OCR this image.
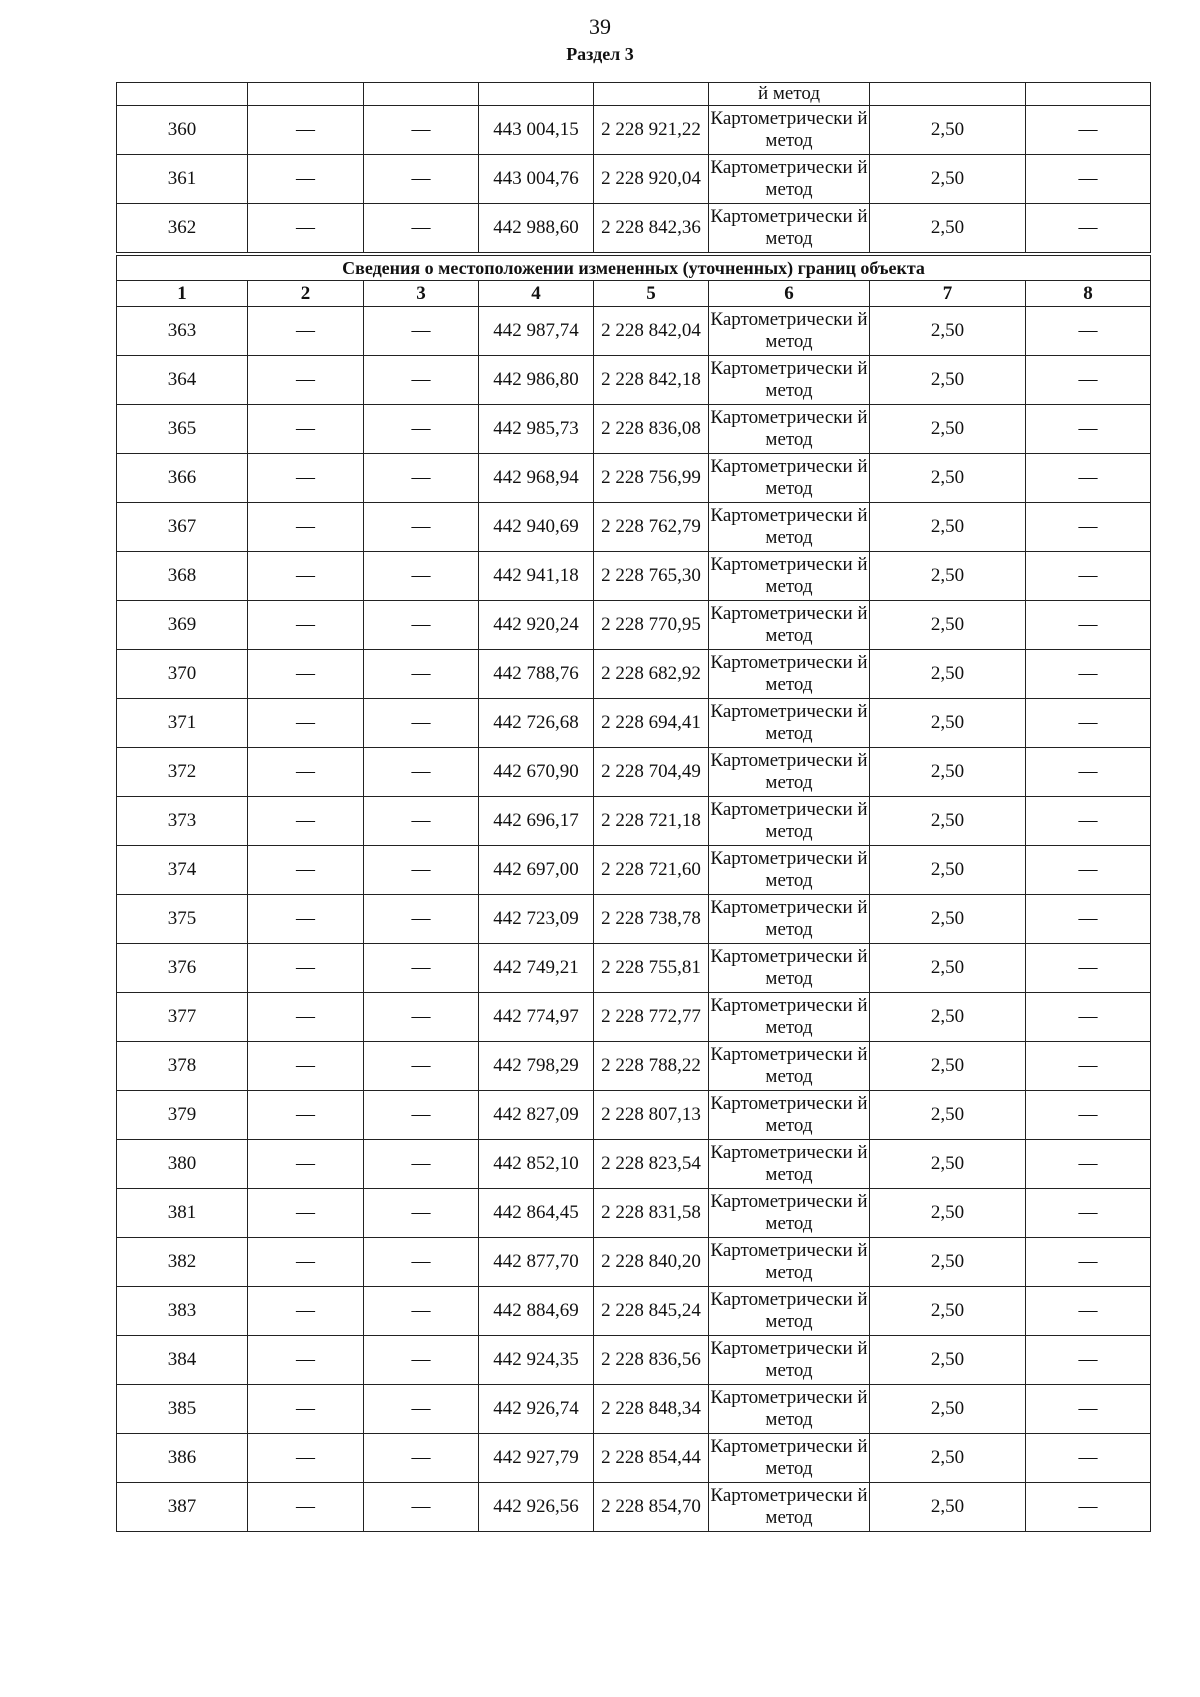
39
Раздел 3
					й метод		
360	—	—	443 004,15	2 228 921,22	Картометрически й метод	2,50	—
361	—	—	443 004,76	2 228 920,04	Картометрически й метод	2,50	—
362	—	—	442 988,60	2 228 842,36	Картометрически й метод	2,50	—
Сведения о местоположении измененных (уточненных) границ объекта							
1	2	3	4	5	6	7	8
363	—	—	442 987,74	2 228 842,04	Картометрически й метод	2,50	—
364	—	—	442 986,80	2 228 842,18	Картометрически й метод	2,50	—
365	—	—	442 985,73	2 228 836,08	Картометрически й метод	2,50	—
366	—	—	442 968,94	2 228 756,99	Картометрически й метод	2,50	—
367	—	—	442 940,69	2 228 762,79	Картометрически й метод	2,50	—
368	—	—	442 941,18	2 228 765,30	Картометрически й метод	2,50	—
369	—	—	442 920,24	2 228 770,95	Картометрически й метод	2,50	—
370	—	—	442 788,76	2 228 682,92	Картометрически й метод	2,50	—
371	—	—	442 726,68	2 228 694,41	Картометрически й метод	2,50	—
372	—	—	442 670,90	2 228 704,49	Картометрически й метод	2,50	—
373	—	—	442 696,17	2 228 721,18	Картометрически й метод	2,50	—
374	—	—	442 697,00	2 228 721,60	Картометрически й метод	2,50	—
375	—	—	442 723,09	2 228 738,78	Картометрически й метод	2,50	—
376	—	—	442 749,21	2 228 755,81	Картометрически й метод	2,50	—
377	—	—	442 774,97	2 228 772,77	Картометрически й метод	2,50	—
378	—	—	442 798,29	2 228 788,22	Картометрически й метод	2,50	—
379	—	—	442 827,09	2 228 807,13	Картометрически й метод	2,50	—
380	—	—	442 852,10	2 228 823,54	Картометрически й метод	2,50	—
381	—	—	442 864,45	2 228 831,58	Картометрически й метод	2,50	—
382	—	—	442 877,70	2 228 840,20	Картометрически й метод	2,50	—
383	—	—	442 884,69	2 228 845,24	Картометрически й метод	2,50	—
384	—	—	442 924,35	2 228 836,56	Картометрически й метод	2,50	—
385	—	—	442 926,74	2 228 848,34	Картометрически й метод	2,50	—
386	—	—	442 927,79	2 228 854,44	Картометрически й метод	2,50	—
387	—	—	442 926,56	2 228 854,70	Картометрически й метод	2,50	—
